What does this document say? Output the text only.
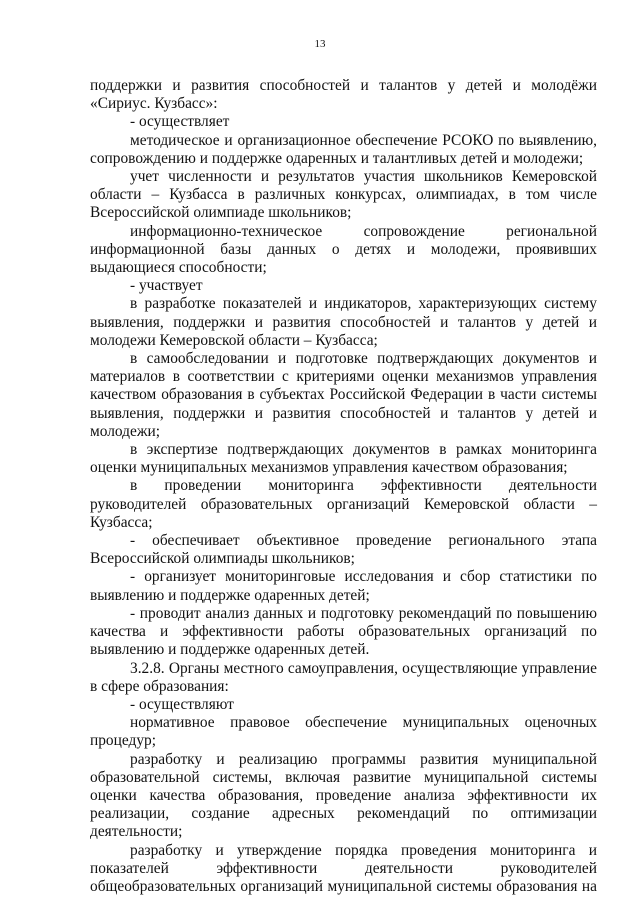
13

поддержки и развития способностей и талантов у детей и молодёжи «Сириус. Кузбасс»:

- осуществляет

методическое и организационное обеспечение РСОКО по выявлению, сопровождению и поддержке одаренных и талантливых детей и молодежи;

учет численности и результатов участия школьников Кемеровской области – Кузбасса в различных конкурсах, олимпиадах, в том числе Всероссийской олимпиаде школьников;

информационно-техническое сопровождение региональной информационной базы данных о детях и молодежи, проявивших выдающиеся способности;

- участвует

в разработке показателей и индикаторов, характеризующих систему выявления, поддержки и развития способностей и талантов у детей и молодежи Кемеровской области – Кузбасса;

в самообследовании и подготовке подтверждающих документов и материалов в соответствии с критериями оценки механизмов управления качеством образования в субъектах Российской Федерации в части системы выявления, поддержки и развития способностей и талантов у детей и молодежи;

в экспертизе подтверждающих документов в рамках мониторинга оценки муниципальных механизмов управления качеством образования;

в проведении мониторинга эффективности деятельности руководителей образовательных организаций Кемеровской области – Кузбасса;

- обеспечивает объективное проведение регионального этапа Всероссийской олимпиады школьников;

- организует мониторинговые исследования и сбор статистики по выявлению и поддержке одаренных детей;

- проводит анализ данных и подготовку рекомендаций по повышению качества и эффективности работы образовательных организаций по выявлению и поддержке одаренных детей.

3.2.8. Органы местного самоуправления, осуществляющие управление в сфере образования:

- осуществляют

нормативное правовое обеспечение муниципальных оценочных процедур;

разработку и реализацию программы развития муниципальной образовательной системы, включая развитие муниципальной системы оценки качества образования, проведение анализа эффективности их реализации, создание адресных рекомендаций по оптимизации деятельности;

разработку и утверждение порядка проведения мониторинга и показателей эффективности деятельности руководителей общеобразовательных организаций муниципальной системы образования на
